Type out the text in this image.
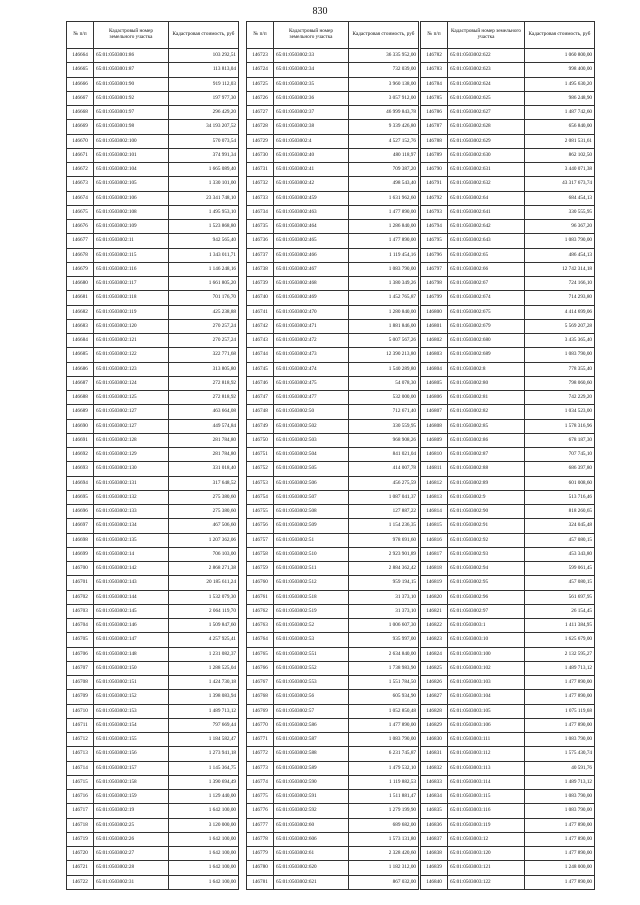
830
№ п/п	Кадастровый номер земельного участка	Кадастровая стоимость, руб
146664	65:01:0503001:86	103 292,51
146665	65:01:0503001:87	113 813,04
146666	65:01:0503001:90	919 112,03
146667	65:01:0503001:92	197 977,30
146668	65:01:0503001:97	296 429,20
146669	65:01:0503001:98	34 193 207,52
146670	65:01:0503002:100	570 073,54
146671	65:01:0503002:101	374 991,34
146672	65:01:0503002:104	1 665 089,40
146673	65:01:0503002:105	1 330 101,00
146674	65:01:0503002:106	23 341 748,10
146675	65:01:0503002:108	1 495 953,10
146676	65:01:0503002:109	1 523 868,80
146677	65:01:0503002:11	942 565,40
146678	65:01:0503002:115	1 343 011,71
146679	65:01:0503002:116	1 146 248,16
146680	65:01:0503002:117	1 661 805,20
146681	65:01:0503002:118	701 176,70
146682	65:01:0503002:119	425 238,88
146683	65:01:0503002:120	270 257,24
146684	65:01:0503002:121	270 257,24
146685	65:01:0503002:122	322 771,68
146686	65:01:0503002:123	313 805,80
146687	65:01:0503002:124	272 818,92
146688	65:01:0503002:125	272 818,92
146689	65:01:0503002:127	463 664,08
146690	65:01:0503002:127	449 574,84
146691	65:01:0503002:128	281 784,80
146692	65:01:0503002:129	281 784,80
146693	65:01:0503002:130	331 018,40
146694	65:01:0503002:131	317 648,52
146695	65:01:0503002:132	275 380,60
146696	65:01:0503002:133	275 380,60
146697	65:01:0503002:134	467 506,60
146698	65:01:0503002:135	1 207 362,06
146699	65:01:0503002:14	706 103,00
146700	65:01:0503002:142	2 868 271,38
146701	65:01:0503002:143	20 185 611,24
146702	65:01:0503002:144	1 532 079,30
146703	65:01:0503002:145	2 064 119,70
146704	65:01:0503002:146	1 509 847,60
146705	65:01:0503002:147	4 257 925,41
146706	65:01:0503002:148	1 231 082,37
146707	65:01:0503002:150	1 288 525,04
146708	65:01:0503002:151	1 424 730,18
146709	65:01:0503002:152	1 398 083,94
146710	65:01:0503002:153	1 489 713,12
146711	65:01:0503002:154	797 669,44
146712	65:01:0503002:155	1 184 582,47
146713	65:01:0503002:156	1 273 941,18
146714	65:01:0503002:157	1 145 364,75
146715	65:01:0503002:158	1 390 694,49
146716	65:01:0503002:159	1 129 440,00
146717	65:01:0503002:19	1 642 100,00
146718	65:01:0503002:25	3 120 000,00
146719	65:01:0503002:26	1 642 100,00
146720	65:01:0503002:27	1 642 100,00
146721	65:01:0503002:28	1 642 100,00
146722	65:01:0503002:31	1 642 100,00
№ п/п	Кадастровый номер земельного участка	Кадастровая стоимость, руб
146723	65:01:0503002:33	36 335 952,00
146724	65:01:0503002:34	732 039,00
146725	65:01:0503002:35	3 960 138,00
146726	65:01:0503002:36	3 057 912,00
146727	65:01:0503002:37	46 999 843,78
146728	65:01:0503002:38	9 339 426,80
146729	65:01:0503002:4	4 527 152,76
146730	65:01:0503002:40	480 118,97
146731	65:01:0503002:41	709 387,20
146732	65:01:0503002:42	498 543,40
146733	65:01:0503002:459	1 631 962,60
146734	65:01:0503002:463	1 477 890,00
146735	65:01:0503002:464	1 286 840,00
146736	65:01:0503002:465	1 477 890,00
146737	65:01:0503002:466	1 119 454,16
146738	65:01:0503002:467	1 083 790,00
146739	65:01:0503002:468	1 380 349,26
146740	65:01:0503002:469	1 452 765,87
146741	65:01:0503002:470	1 280 840,00
146742	65:01:0503002:471	1 881 846,00
146743	65:01:0503002:472	5 007 567,26
146744	65:01:0503002:473	12 390 213,80
146745	65:01:0503002:474	1 540 289,80
146746	65:01:0503002:475	54 078,30
146747	65:01:0503002:477	532 000,00
146748	65:01:0503002:50	712 671,40
146749	65:01:0503002:502	330 559,95
146750	65:01:0503002:503	968 908,26
146751	65:01:0503002:504	841 021,04
146752	65:01:0503002:505	414 007,78
146753	65:01:0503002:506	456 275,59
146754	65:01:0503002:507	1 087 041,37
146755	65:01:0503002:508	127 887,22
146756	65:01:0503002:509	1 154 236,35
146757	65:01:0503002:51	978 691,60
146758	65:01:0503002:510	2 923 901,89
146759	65:01:0503002:511	2 884 362,42
146760	65:01:0503002:512	959 194,15
146761	65:01:0503002:518	31 373,10
146762	65:01:0503002:519	31 373,10
146763	65:01:0503002:52	1 006 607,30
146764	65:01:0503002:53	935 997,00
146765	65:01:0503002:551	2 634 840,00
146766	65:01:0503002:552	1 738 983,90
146767	65:01:0503002:553	1 551 784,50
146768	65:01:0503002:56	605 934,90
146769	65:01:0503002:57	1 052 850,48
146770	65:01:0503002:586	1 477 890,00
146771	65:01:0503002:587	1 083 790,00
146772	65:01:0503002:588	6 231 745,87
146773	65:01:0503002:589	1 479 532,10
146774	65:01:0503002:590	1 119 882,53
146775	65:01:0503002:591	1 511 881,47
146776	65:01:0503002:592	1 279 199,90
146777	65:01:0503002:60	689 682,00
146778	65:01:0503002:606	1 573 131,80
146779	65:01:0503002:61	2 328 420,60
146780	65:01:0503002:620	1 182 312,00
146781	65:01:0503002:621	867 032,00
№ п/п	Кадастровый номер земельного участка	Кадастровая стоимость, руб
146782	65:01:0503002:622	1 060 800,00
146783	65:01:0503002:623	998 400,00
146784	65:01:0503002:624	1 495 630,20
146785	65:01:0503002:625	986 248,90
146786	65:01:0503002:627	1 487 742,60
146787	65:01:0503002:628	656 840,00
146788	65:01:0503002:629	2 081 531,61
146789	65:01:0503002:630	862 102,50
146790	65:01:0503002:631	3 440 071,38
146791	65:01:0503002:632	43 317 673,74
146792	65:01:0503002:64	684 454,13
146793	65:01:0503002:641	330 555,95
146794	65:01:0503002:642	96 367,20
146795	65:01:0503002:643	1 083 790,00
146796	65:01:0503002:65	486 454,13
146797	65:01:0503002:66	12 742 314,18
146798	65:01:0503002:67	724 166,10
146799	65:01:0503002:674	714 293,80
146800	65:01:0503002:675	4 414 699,06
146801	65:01:0503002:679	5 569 207,28
146802	65:01:0503002:680	3 435 365,40
146803	65:01:0503002:689	1 083 790,00
146804	65:01:0503002:8	778 355,40
146805	65:01:0503002:80	798 060,60
146806	65:01:0503002:81	742 229,20
146807	65:01:0503002:82	1 034 523,00
146808	65:01:0503002:85	1 578 316,96
146809	65:01:0503002:86	678 187,30
146810	65:01:0503002:87	707 745,10
146811	65:01:0503002:88	686 397,80
146812	65:01:0503002:89	601 008,60
146813	65:01:0503002:9	513 716,46
146814	65:01:0503002:90	818 260,65
146815	65:01:0503002:91	324 045,48
146816	65:01:0503002:92	457 080,15
146817	65:01:0503002:93	453 343,80
146818	65:01:0503002:94	599 061,45
146819	65:01:0503002:95	457 080,15
146820	65:01:0503002:96	561 697,95
146821	65:01:0503002:97	26 154,45
146822	65:01:0503003:1	1 411 384,95
146823	65:01:0503003:10	1 625 679,00
146824	65:01:0503003:100	2 132 595,27
146825	65:01:0503003:102	1 489 713,12
146826	65:01:0503003:103	1 477 890,00
146827	65:01:0503003:104	1 477 890,00
146828	65:01:0503003:105	1 075 119,68
146829	65:01:0503003:106	1 477 890,00
146830	65:01:0503003:111	1 083 790,00
146831	65:01:0503003:112	1 575 430,74
146832	65:01:0503003:113	40 591,76
146833	65:01:0503003:114	1 489 713,12
146834	65:01:0503003:115	1 083 790,00
146835	65:01:0503003:116	1 083 790,00
146836	65:01:0503003:119	1 477 890,00
146837	65:01:0503003:12	1 477 890,00
146838	65:01:0503003:120	1 477 890,00
146839	65:01:0503003:121	1 248 000,00
146840	65:01:0503003:122	1 477 890,00
